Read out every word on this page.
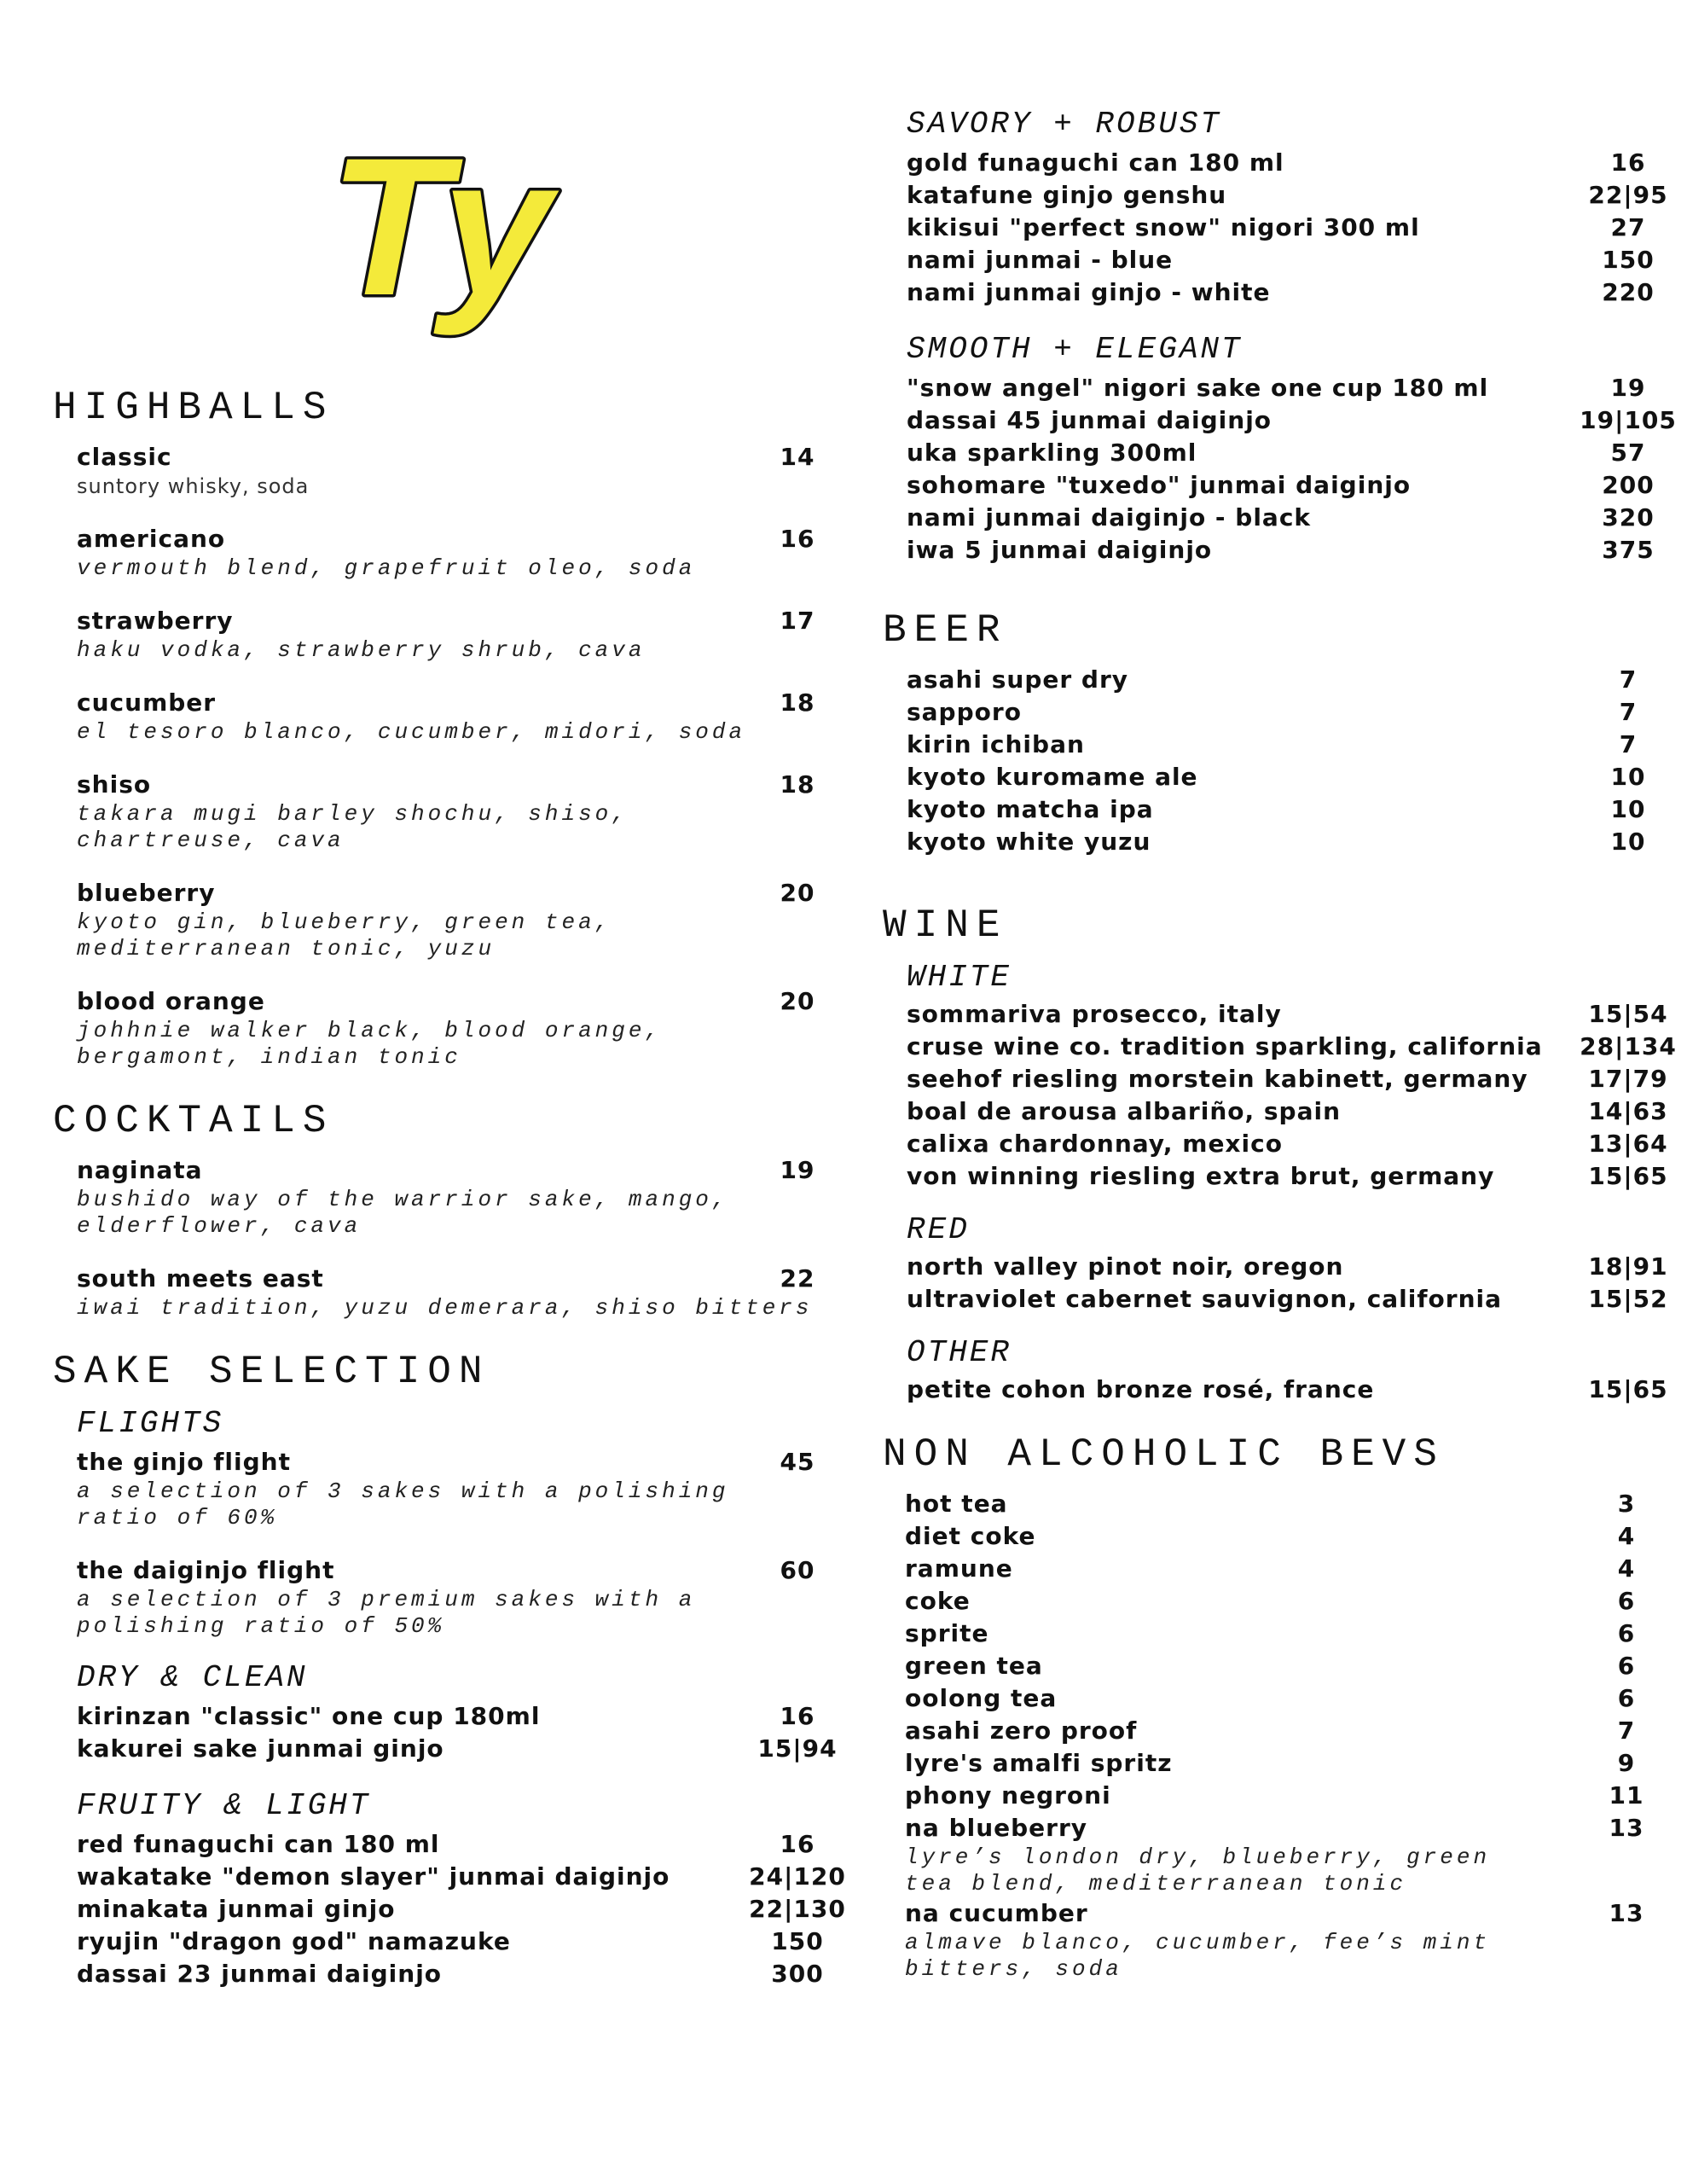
Ty
HIGHBALLS
classic	14
suntory whisky, soda
americano	16
vermouth blend, grapefruit oleo, soda
strawberry	17
haku vodka, strawberry shrub, cava
cucumber	18
el tesoro blanco, cucumber, midori, soda
shiso	18
takara mugi barley shochu, shiso,
chartreuse, cava
blueberry	20
kyoto gin, blueberry, green tea,
mediterranean tonic, yuzu
blood orange	20
johhnie walker black, blood orange,
bergamont, indian tonic
COCKTAILS
naginata	19
bushido way of the warrior sake, mango,
elderflower, cava
south meets east	22
iwai tradition, yuzu demerara, shiso bitters
SAKE SELECTION
FLIGHTS
the ginjo flight	45
a selection of 3 sakes with a polishing
ratio of 60%
the daiginjo flight	60
a selection of 3 premium sakes with a
polishing ratio of 50%
DRY & CLEAN
kirinzan "classic" one cup 180ml	16
kakurei sake junmai ginjo	15|94
FRUITY & LIGHT
red funaguchi can 180 ml	16
wakatake "demon slayer" junmai daiginjo	24|120
minakata junmai ginjo	22|130
ryujin "dragon god" namazuke	150
dassai 23 junmai daiginjo	300
SAVORY + ROBUST
gold funaguchi can 180 ml	16
katafune ginjo genshu	22|95
kikisui "perfect snow" nigori 300 ml	27
nami junmai - blue	150
nami junmai ginjo - white	220
SMOOTH + ELEGANT
"snow angel" nigori sake one cup 180 ml	19
dassai 45 junmai daiginjo	19|105
uka sparkling 300ml	57
sohomare "tuxedo" junmai daiginjo	200
nami junmai daiginjo - black	320
iwa 5 junmai daiginjo	375
BEER
asahi super dry	7
sapporo	7
kirin ichiban	7
kyoto kuromame ale	10
kyoto matcha ipa	10
kyoto white yuzu	10
WINE
WHITE
sommariva prosecco, italy	15|54
cruse wine co. tradition sparkling, california 28|134
seehof riesling morstein kabinett, germany	17|79
boal de arousa albariño, spain	14|63
calixa chardonnay, mexico	13|64
von winning riesling extra brut, germany	15|65
RED
north valley pinot noir, oregon	18|91
ultraviolet cabernet sauvignon, california	15|52
OTHER
petite cohon bronze rosé, france	15|65
NON ALCOHOLIC BEVS
hot tea	3
diet coke	4
ramune	4
coke	6
sprite	6
green tea	6
oolong tea	6
asahi zero proof	7
lyre's amalfi spritz	9
phony negroni	11
na blueberry	13
lyre’s london dry, blueberry, green
tea blend, mediterranean tonic
na cucumber	13
almave blanco, cucumber, fee’s mint
bitters, soda
